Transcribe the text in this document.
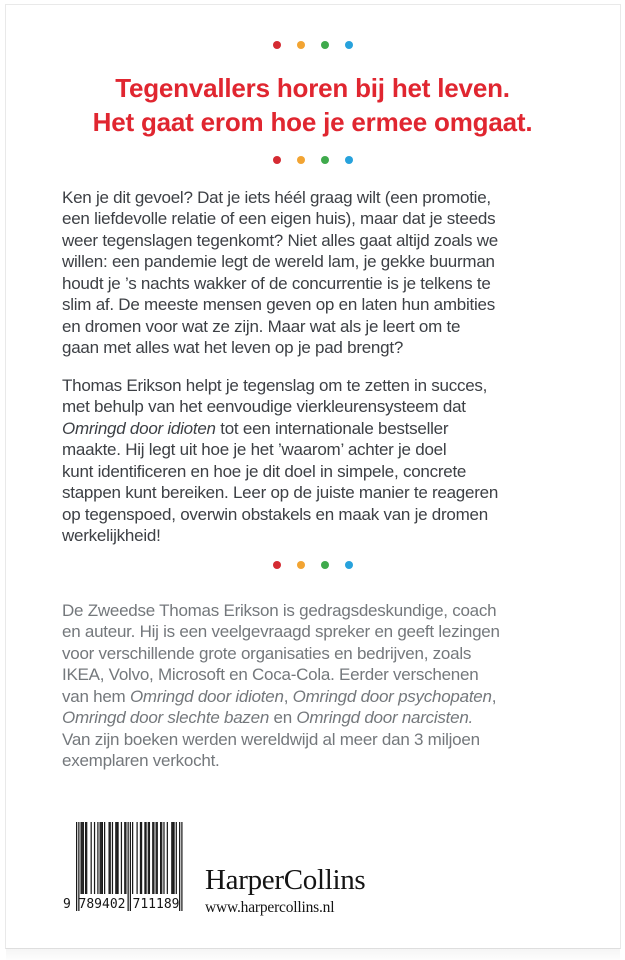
Tegenvallers horen bij het leven.
Het gaat erom hoe je ermee omgaat.
Ken je dit gevoel? Dat je iets héél graag wilt (een promotie,
een liefdevolle relatie of een eigen huis), maar dat je steeds
weer tegenslagen tegenkomt? Niet alles gaat altijd zoals we
willen: een pandemie legt de wereld lam, je gekke buurman
houdt je ’s nachts wakker of de concurrentie is je telkens te
slim af. De meeste mensen geven op en laten hun ambities
en dromen voor wat ze zijn. Maar wat als je leert om te
gaan met alles wat het leven op je pad brengt?
Thomas Erikson helpt je tegenslag om te zetten in succes,
met behulp van het eenvoudige vierkleurensysteem dat
Omringd door idioten tot een internationale bestseller
maakte. Hij legt uit hoe je het ’waarom’ achter je doel
kunt identificeren en hoe je dit doel in simpele, concrete
stappen kunt bereiken. Leer op de juiste manier te reageren
op tegenspoed, overwin obstakels en maak van je dromen
werkelijkheid!
De Zweedse Thomas Erikson is gedragsdeskundige, coach
en auteur. Hij is een veelgevraagd spreker en geeft lezingen
voor verschillende grote organisaties en bedrijven, zoals
IKEA, Volvo, Microsoft en Coca-Cola. Eerder verschenen
van hem Omringd door idioten, Omringd door psychopaten,
Omringd door slechte bazen en Omringd door narcisten.
Van zijn boeken werden wereldwijd al meer dan 3 miljoen
exemplaren verkocht.
9 789402 711189
HarperCollins
www.harpercollins.nl
